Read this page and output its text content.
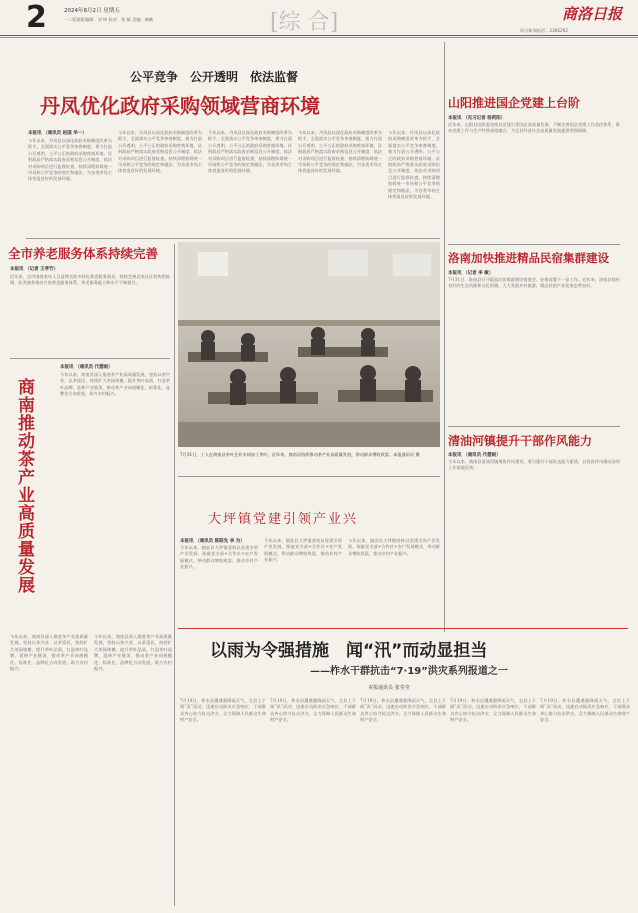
2	2024年8月2日 星期五
一二版值班编辑：刘 坤 校对：张 敏 美编：韩鹏	[综 合]	商洛日报
综合新闻电话：2366292
公平竞争　公开透明　依法监督
丹凤优化政府采购领域营商环境
本报讯 （通讯员 赵国 华一）
今年以来，丹凤县以深化政府采购制度改革为抓手，全面落实公平竞争审查制度，着力打造公开透明、公平公正的政府采购营商环境。县财政局严格落实政府采购信息公开制度，依法对采购项目进行监督检查，持续清理妨碍统一市场和公平竞争的规定和做法，为各类市场主体营造良好的发展环境。
今年以来，丹凤县以深化政府采购制度改革为抓手，全面落实公平竞争审查制度，着力打造公开透明、公平公正的政府采购营商环境。县财政局严格落实政府采购信息公开制度，依法对采购项目进行监督检查，持续清理妨碍统一市场和公平竞争的规定和做法，为各类市场主体营造良好的发展环境。
今年以来，丹凤县以深化政府采购制度改革为抓手，全面落实公平竞争审查制度，着力打造公开透明、公平公正的政府采购营商环境。县财政局严格落实政府采购信息公开制度，依法对采购项目进行监督检查，持续清理妨碍统一市场和公平竞争的规定和做法，为各类市场主体营造良好的发展环境。
今年以来，丹凤县以深化政府采购制度改革为抓手，全面落实公平竞争审查制度，着力打造公开透明、公平公正的政府采购营商环境。县财政局严格落实政府采购信息公开制度，依法对采购项目进行监督检查，持续清理妨碍统一市场和公平竞争的规定和做法，为各类市场主体营造良好的发展环境。
今年以来，丹凤县以深化政府采购制度改革为抓手，全面落实公平竞争审查制度，着力打造公开透明、公平公正的政府采购营商环境。县财政局严格落实政府采购信息公开制度，依法对采购项目进行监督检查，持续清理妨碍统一市场和公平竞争的规定和做法，为各类市场主体营造良好的发展环境。
山阳推进国企党建上台阶
本报讯 （见习记者 杨莉阳）
近年来，山阳县国资委坚持以党建引领国企高质量发展，不断完善国企党建工作责任体系，推动党建工作与生产经营深度融合，为全县经济社会高质量发展提供坚强保障。
洛南加快推进精品民宿集群建设
本报讯 （记者 李 敏）
7月31日，洛南县召开精品民宿集群建设推进会，安排部署下一步工作。近年来，洛南县依托良好的生态资源和文化资源，大力发展乡村旅游，精品民宿产业发展态势良好。
清油河镇提升干部作风能力
本报讯 （通讯员 代德雨）
今年以来，商南县清油河镇聚焦作风建设，着力提升干部队伍能力素质，以优良作风推动各项工作落地见效。
全市养老服务体系持续完善
本报讯 （记者 王孝竹）
近年来，全市围绕老年人日益增长的多样化养老服务需求，持续完善居家社区机构相协调、医养康养相结合的养老服务体系，养老服务能力和水平不断提升。
商南推动茶产业高质量发展
本报讯 （通讯员 代德雨）
今年以来，商南县深入推进茶产业高质量发展，坚持以茶兴业、以茶富民，持续扩大茶园规模，提升茶叶品质，打造茶叶品牌，延伸产业链条，推动茶产业向规模化、标准化、品牌化方向发展，助力乡村振兴。
今年以来，商南县深入推进茶产业高质量发展，坚持以茶兴业、以茶富民，持续扩大茶园规模，提升茶叶品质，打造茶叶品牌，延伸产业链条，推动茶产业向规模化、标准化、品牌化方向发展，助力乡村振兴。
今年以来，商南县深入推进茶产业高质量发展，坚持以茶兴业、以茶富民，持续扩大茶园规模，提升茶叶品质，打造茶叶品牌，延伸产业链条，推动茶产业向规模化、标准化、品牌化方向发展，助力乡村振兴。
7月31日，工人在商南县茶叶企业车间加工茶叶。近年来，商南县持续推动茶产业高质量发展，带动群众增收致富。本报通讯员 摄
大坪镇党建引领产业兴
本报讯 （通讯员 陈联先 李 为）
今年以来，镇安县大坪镇坚持以党建引领产业发展，探索党支部+合作社+农户发展模式，带动群众增收致富，推动乡村产业振兴。
今年以来，镇安县大坪镇坚持以党建引领产业发展，探索党支部+合作社+农户发展模式，带动群众增收致富，推动乡村产业振兴。
今年以来，镇安县大坪镇坚持以党建引领产业发展，探索党支部+合作社+农户发展模式，带动群众增收致富，推动乡村产业振兴。
以雨为令强措施　闻“汛”而动显担当
——柞水干群抗击“7·19”洪灾系列报道之一
本报通讯员 张莹莹
7月19日，柞水县遭遇强降雨天气，全县上下闻“汛”而动，迅速启动防汛应急响应，干部群众齐心协力抗击洪灾，全力保障人民群众生命财产安全。
7月19日，柞水县遭遇强降雨天气，全县上下闻“汛”而动，迅速启动防汛应急响应，干部群众齐心协力抗击洪灾，全力保障人民群众生命财产安全。
7月19日，柞水县遭遇强降雨天气，全县上下闻“汛”而动，迅速启动防汛应急响应，干部群众齐心协力抗击洪灾，全力保障人民群众生命财产安全。
7月19日，柞水县遭遇强降雨天气，全县上下闻“汛”而动，迅速启动防汛应急响应，干部群众齐心协力抗击洪灾，全力保障人民群众生命财产安全。
7月19日，柞水县遭遇强降雨天气，全县上下闻“汛”而动，迅速启动防汛应急响应，干部群众齐心协力抗击洪灾，全力保障人民群众生命财产安全。
